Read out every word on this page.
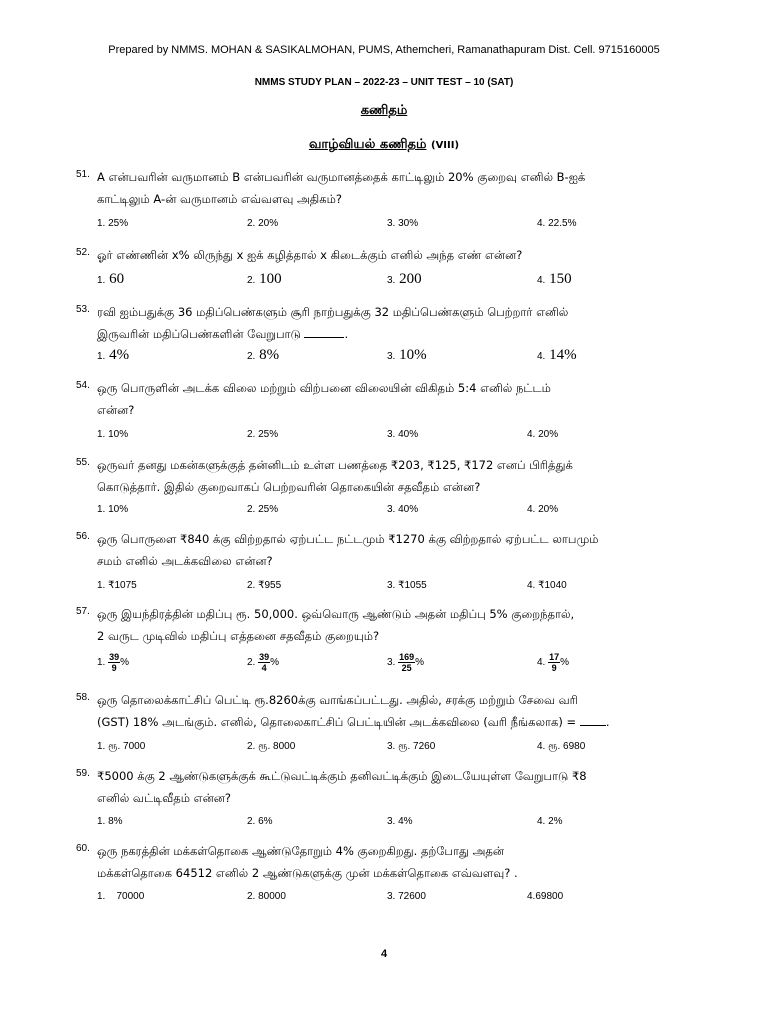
Prepared by NMMS. MOHAN & SASIKALMOHAN, PUMS, Athemcheri, Ramanathapuram Dist. Cell. 9715160005
NMMS STUDY PLAN – 2022-23 – UNIT TEST – 10 (SAT)
கணிதம்
வாழ்வியல் கணிதம் (VIII)
51. A என்பவரின் வருமானம் B என்பவரின் வருமானத்தைக் காட்டிலும் 20% குறைவு எனில் B-ஐக்
காட்டிலும் A-ன் வருமானம் எவ்வளவு அதிகம்?
1. 25%	2. 20%	3. 30%	4. 22.5%
52. ஓர் எண்ணின் x% லிருந்து x ஐக் கழித்தால் x கிடைக்கும் எனில் அந்த எண் என்ன?
1. 60	2. 100	3. 200	4. 150
53. ரவி ஐம்பதுக்கு 36 மதிப்பெண்களும் சூரி நாற்பதுக்கு 32 மதிப்பெண்களும் பெற்றார் எனில்
இருவரின் மதிப்பெண்களின் வேறுபாடு	.
1. 4%	2. 8%	3. 10%	4. 14%
54. ஒரு பொருளின் அடக்க விலை மற்றும் விற்பனை விலையின் விகிதம் 5:4 எனில் நட்டம்
என்ன?
1. 10%	2. 25%	3. 40%	4. 20%
55. ஒருவர் தனது மகன்களுக்குத் தன்னிடம் உள்ள பணத்தை ₹203, ₹125, ₹172 எனப் பிரித்துக்
கொடுத்தார். இதில் குறைவாகப் பெற்றவரின் தொகையின் சதவீதம் என்ன?
1. 10%	2. 25%	3. 40%	4. 20%
56. ஒரு பொருளை ₹840 க்கு விற்றதால் ஏற்பட்ட நட்டமும் ₹1270 க்கு விற்றதால் ஏற்பட்ட லாபமும்
சமம் எனில் அடக்கவிலை என்ன?
1. ₹1075	2. ₹955	3. ₹1055	4. ₹1040
57. ஒரு இயந்திரத்தின் மதிப்பு ரூ. 50,000. ஒவ்வொரு ஆண்டும் அதன் மதிப்பு 5% குறைந்தால்,
2 வருட முடிவில் மதிப்பு எத்தனை சதவீதம் குறையும்?
1. $\frac{39}{9}$ %	2. $\frac{39}{4}$ %	3. $\frac{169}{25}$ %	4. $\frac{17}{9}$ %
58. ஒரு தொலைக்காட்சிப் பெட்டி ரூ.8260க்கு வாங்கப்பட்டது. அதில், சரக்கு மற்றும் சேவை வரி
(GST) 18% அடங்கும். எனில், தொலைகாட்சிப் பெட்டியின் அடக்கவிலை (வரி நீங்கலாக) =	.
1. ரூ. 7000	2. ரூ. 8000	3. ரூ. 7260	4. ரூ. 6980
59. ₹5000 க்கு 2 ஆண்டுகளுக்குக் கூட்டுவட்டிக்கும் தனிவட்டிக்கும் இடையேயுள்ள வேறுபாடு ₹8
எனில் வட்டிவீதம் என்ன?
1. 8%	2. 6%	3. 4%	4. 2%
60. ஒரு நகரத்தின் மக்கள்தொகை ஆண்டுதோறும் 4% குறைகிறது. தற்போது அதன்
மக்கள்தொகை 64512 எனில் 2 ஆண்டுகளுக்கு முன் மக்கள்தொகை எவ்வளவு? .
1.    70000	2. 80000	3. 72600	4.69800
4
